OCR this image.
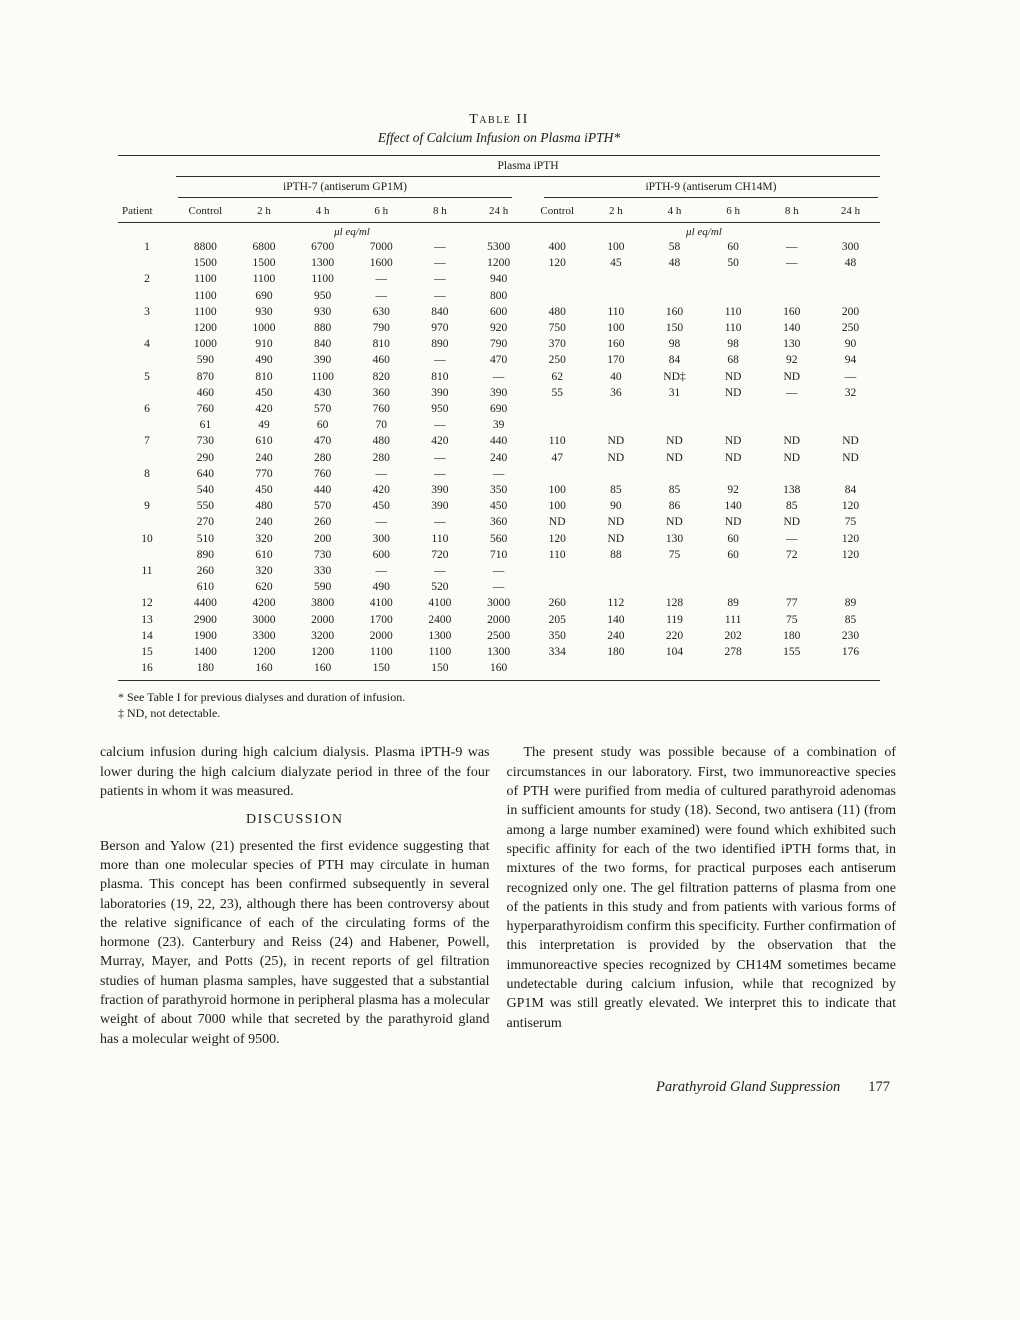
Table II
Effect of Calcium Infusion on Plasma iPTH*
	Plasma iPTH											

	iPTH-7 (antiserum GP1M)						iPTH-9 (antiserum CH14M)					

Patient	Control	2 h	4 h	6 h	8 h	24 h	Control	2 h	4 h	6 h	8 h	24 h
	μl eq/ml						μl eq/ml					
1	8800	6800	6700	7000	—	5300	400	100	58	60	—	300
	1500	1500	1300	1600	—	1200	120	45	48	50	—	48
2	1100	1100	1100	—	—	940						
	1100	690	950	—	—	800						
3	1100	930	930	630	840	600	480	110	160	110	160	200
	1200	1000	880	790	970	920	750	100	150	110	140	250
4	1000	910	840	810	890	790	370	160	98	98	130	90
	590	490	390	460	—	470	250	170	84	68	92	94
5	870	810	1100	820	810	—	62	40	ND‡	ND	ND	—
	460	450	430	360	390	390	55	36	31	ND	—	32
6	760	420	570	760	950	690						
	61	49	60	70	—	39						
7	730	610	470	480	420	440	110	ND	ND	ND	ND	ND
	290	240	280	280	—	240	47	ND	ND	ND	ND	ND
8	640	770	760	—	—	—						
	540	450	440	420	390	350	100	85	85	92	138	84
9	550	480	570	450	390	450	100	90	86	140	85	120
	270	240	260	—	—	360	ND	ND	ND	ND	ND	75
10	510	320	200	300	110	560	120	ND	130	60	—	120
	890	610	730	600	720	710	110	88	75	60	72	120
11	260	320	330	—	—	—						
	610	620	590	490	520	—						
12	4400	4200	3800	4100	4100	3000	260	112	128	89	77	89
13	2900	3000	2000	1700	2400	2000	205	140	119	111	75	85
14	1900	3300	3200	2000	1300	2500	350	240	220	202	180	230
15	1400	1200	1200	1100	1100	1300	334	180	104	278	155	176
16	180	160	160	150	150	160						
* See Table I for previous dialyses and duration of infusion.
‡ ND, not detectable.

calcium infusion during high calcium dialysis. Plasma iPTH-9 was lower during the high calcium dialyzate period in three of the four patients in whom it was measured.

DISCUSSION

Berson and Yalow (21) presented the first evidence suggesting that more than one molecular species of PTH may circulate in human plasma. This concept has been confirmed subsequently in several laboratories (19, 22, 23), although there has been controversy about the relative significance of each of the circulating forms of the hormone (23). Canterbury and Reiss (24) and Habener, Powell, Murray, Mayer, and Potts (25), in recent reports of gel filtration studies of human plasma samples, have suggested that a substantial fraction of parathyroid hormone in peripheral plasma has a molecular weight of about 7000 while that secreted by the parathyroid gland has a molecular weight of 9500.

The present study was possible because of a combination of circumstances in our laboratory. First, two immunoreactive species of PTH were purified from media of cultured parathyroid adenomas in sufficient amounts for study (18). Second, two antisera (11) (from among a large number examined) were found which exhibited such specific affinity for each of the two identified iPTH forms that, in mixtures of the two forms, for practical purposes each antiserum recognized only one. The gel filtration patterns of plasma from one of the patients in this study and from patients with various forms of hyperparathyroidism confirm this specificity. Further confirmation of this interpretation is provided by the observation that the immunoreactive species recognized by CH14M sometimes became undetectable during calcium infusion, while that recognized by GP1M was still greatly elevated. We interpret this to indicate that antiserum

Parathyroid Gland Suppression 177
